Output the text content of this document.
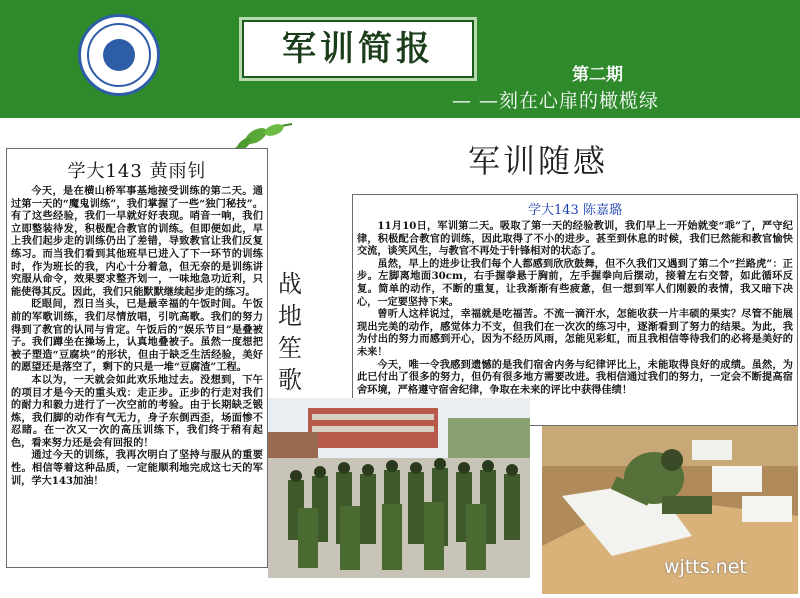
军训简报
第二期
— —刻在心扉的橄榄绿
学大143 黄雨钊

今天，是在横山桥军事基地接受训练的第二天。通过第一天的“魔鬼训练”，我们掌握了一些“独门秘技”。有了这些经验，我们一早就好好表现。哨音一响，我们立即整装待发，积极配合教官的训练。但即便如此，早上我们起步走的训练仍出了差错，导致教官让我们反复练习。而当我们看到其他班早已进入了下一环节的训练时，作为班长的我，内心十分着急，但无奈的是训练讲究服从命令，效果要求整齐划一，一味地急功近利，只能使得其反。因此，我们只能默默继续起步走的练习。

眨眼间，烈日当头，已是最幸福的午饭时间。午饭前的军歌训练，我们尽情放唱，引吭高歌。我们的努力得到了教官的认同与肯定。午饭后的“娱乐节目”是叠被子。我们蹲坐在操场上，认真地叠被子。虽然一度想把被子塑造“豆腐块”的形状，但由于缺乏生活经验，美好的愿望还是落空了，剩下的只是一堆“豆腐渣”工程。

本以为，一天就会如此欢乐地过去。没想到，下午的项目才是今天的重头戏：走正步。正步的行走对我们的耐力和毅力进行了一次空前的考验。由于长期缺乏锻炼，我们脚的动作有气无力，身子东倒西歪，场面惨不忍睹。在一次又一次的高压训练下，我们终于稍有起色，看来努力还是会有回报的！

通过今天的训练，我再次明白了坚持与服从的重要性。相信等着这种品质，一定能顺利地完成这七天的军训，学大143加油！

战地笙歌
军训随感
学大143 陈嘉璐

11月10日，军训第二天。吸取了第一天的经验教训，我们早上一开始就变“乖”了，严守纪律，积极配合教官的训练，因此取得了不小的进步。甚至到休息的时候，我们已然能和教官愉快交流，谈笑风生，与教官不再处于针锋相对的状态了。

虽然，早上的进步让我们每个人都感到欣欣鼓舞，但不久我们又遇到了第二个“拦路虎”：正步。左脚离地面30cm，右手握拳悬于胸前，左手握拳向后摆动，接着左右交替，如此循环反复。简单的动作，不断的重复，让我渐渐有些疲惫，但一想到军人们刚毅的表情，我又暗下决心，一定要坚持下来。

曾听人这样说过，幸福就是吃福苦。不流一滴汗水，怎能收获一片丰硕的果实？尽管不能展现出完美的动作，感觉体力不支，但我们在一次次的练习中，逐渐看到了努力的结果。为此，我为付出的努力而感到开心，因为不经历风雨，怎能见彩虹，而且我相信等待我们的必将是美好的未来！

今天，唯一令我感到遗憾的是我们宿舍内务与纪律评比上，未能取得良好的成绩。虽然，为此已付出了很多的努力，但仍有很多地方需要改进。我相信通过我们的努力，一定会不断提高宿舍环境，严格遵守宿舍纪律，争取在未来的评比中获得佳绩！

wjtts.net
